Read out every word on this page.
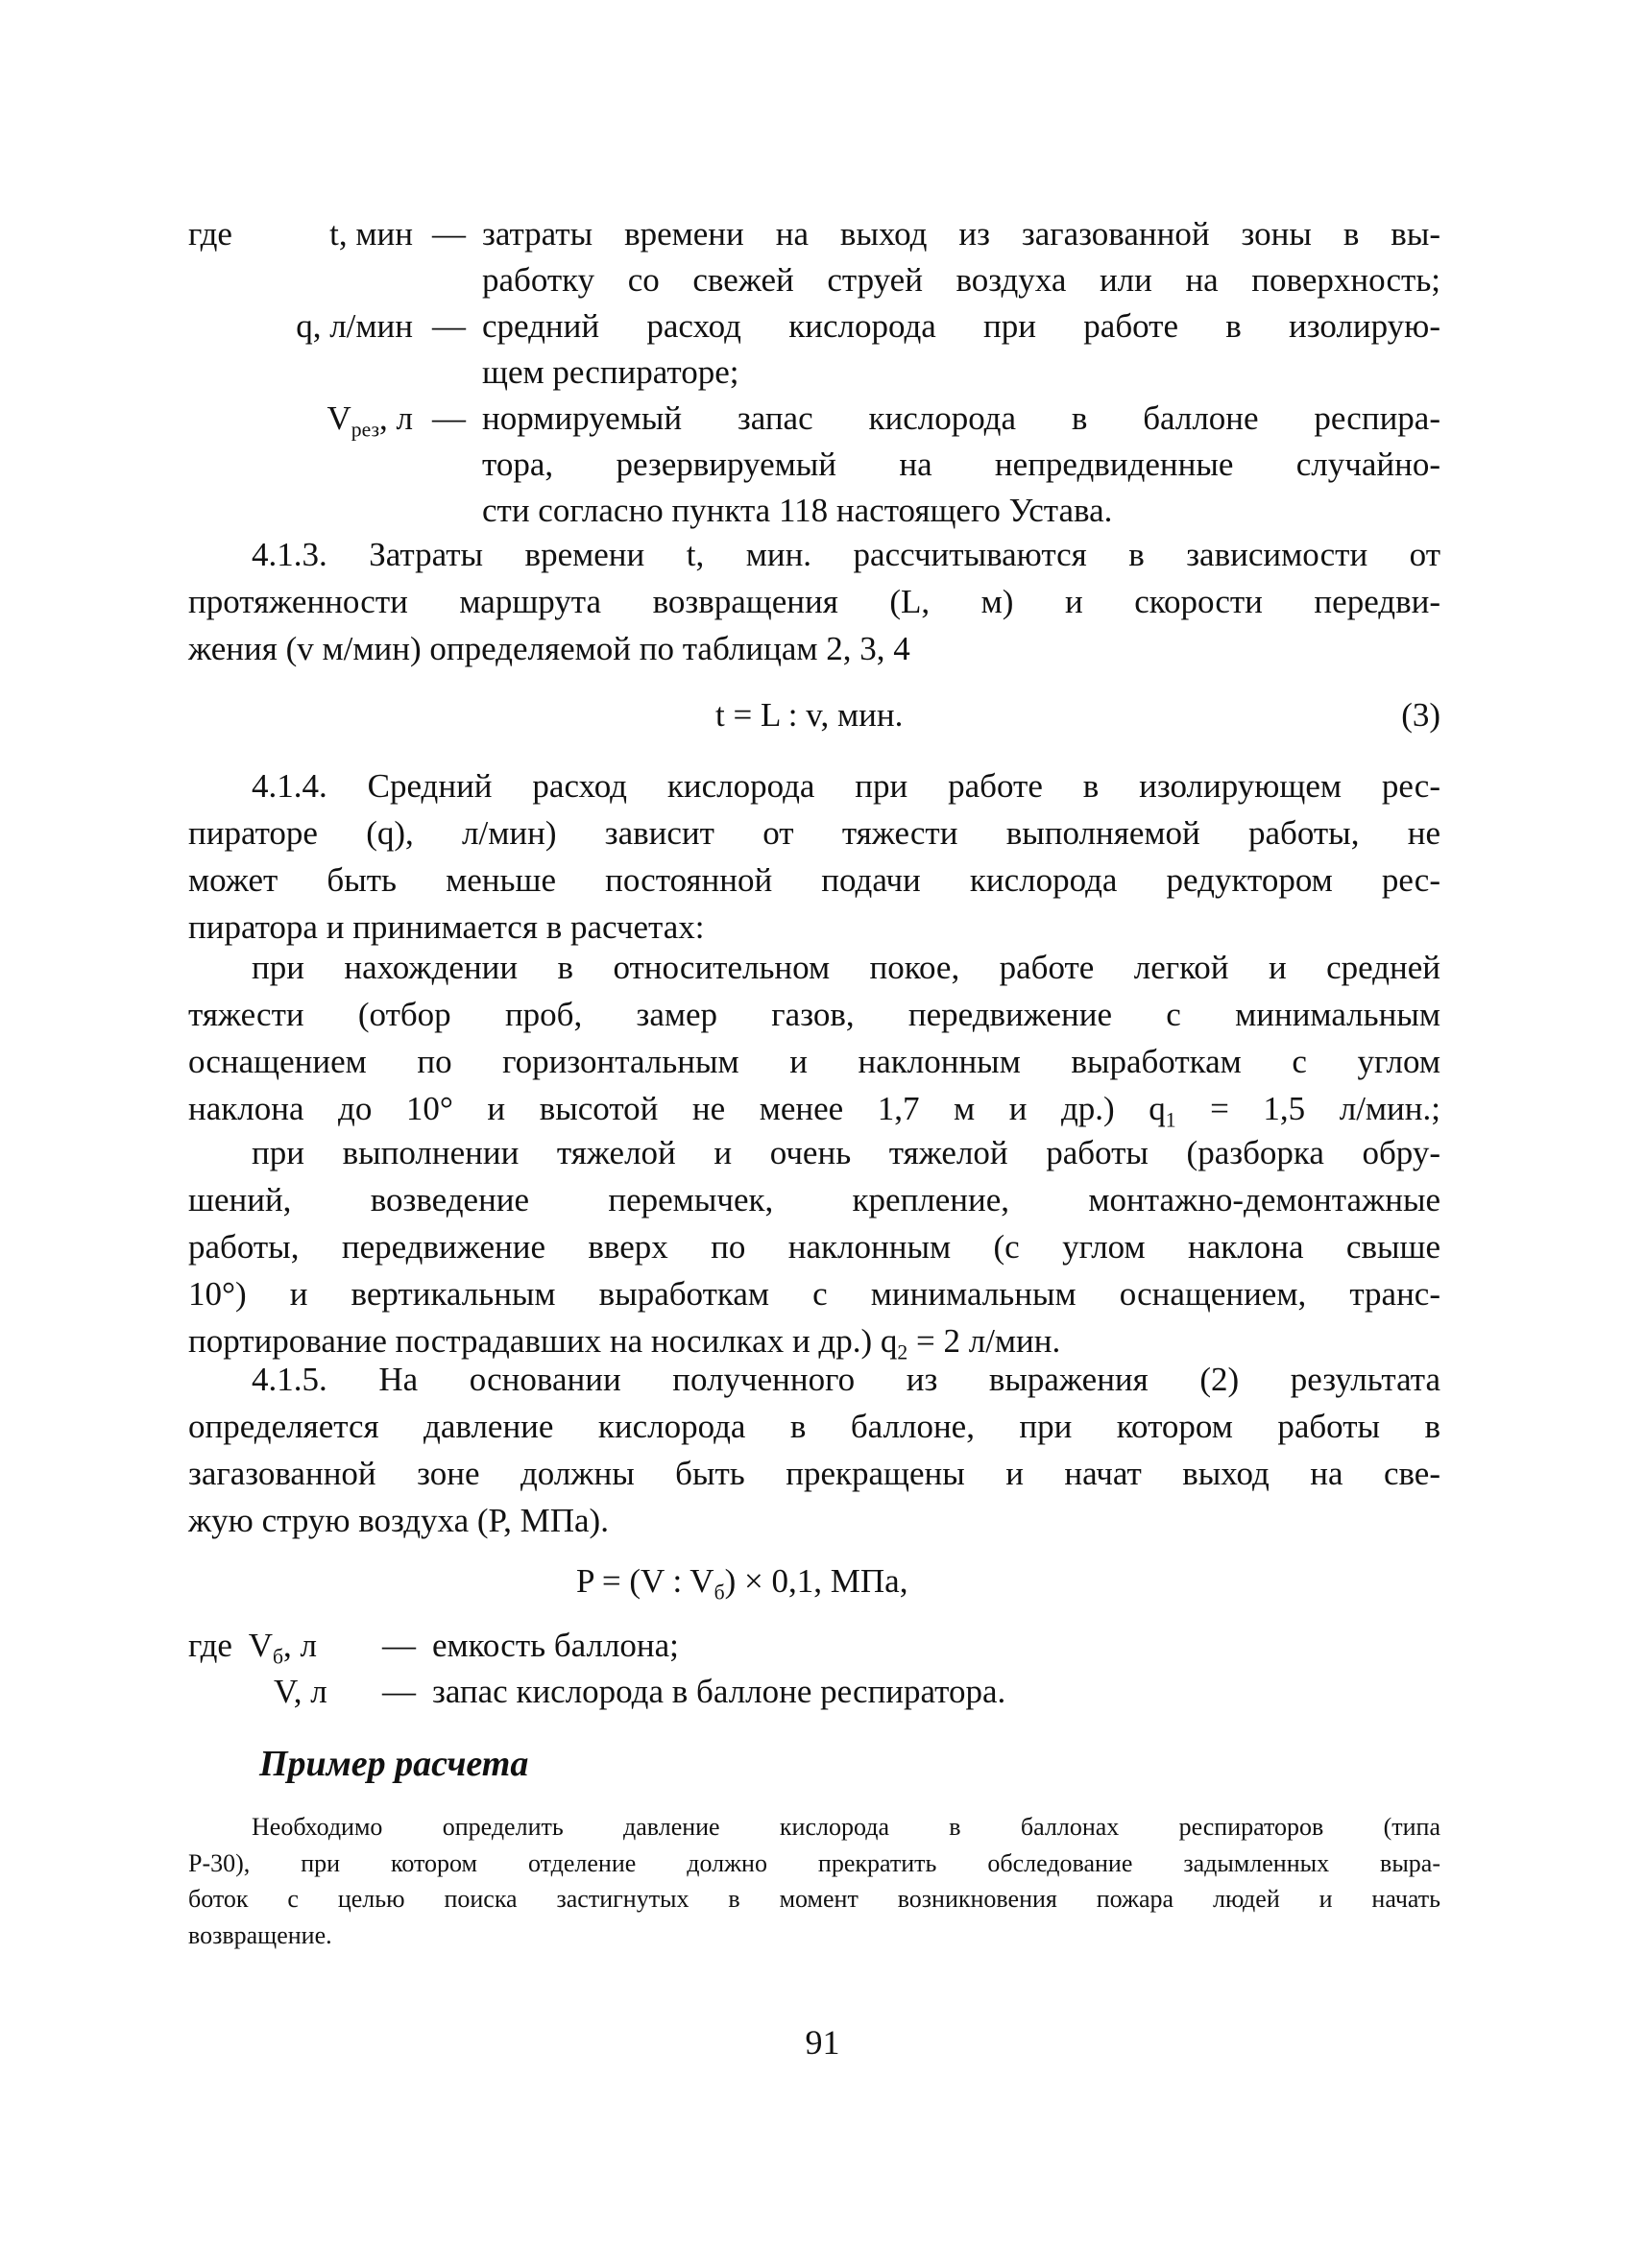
где	t, мин — затраты времени на выход из загазованной зоны в вы-
работку со свежей струей воздуха или на поверхность;
q, л/мин — средний расход кислорода при работе в изолирую-
щем респираторе;
$V_{рез}$, л — нормируемый запас кислорода в баллоне респира-
тора, резервируемый на непредвиденные случайно-
сти согласно пункта 118 настоящего Устава.
4.1.3. Затраты времени t, мин. рассчитываются в зависимости от
протяженности маршрута возвращения (L, м) и скорости передви-
жения (v м/мин) определяемой по таблицам 2, 3, 4
t = L : v, мин.	(3)
4.1.4. Средний расход кислорода при работе в изолирующем рес-
пираторе (q), л/мин) зависит от тяжести выполняемой работы, не
может быть меньше постоянной подачи кислорода редуктором рес-
пиратора и принимается в расчетах:
при нахождении в относительном покое, работе легкой и средней
тяжести (отбор проб, замер газов, передвижение с минимальным
оснащением по горизонтальным и наклонным выработкам с углом
наклона до 10° и высотой не менее 1,7 м и др.) $q_1 = 1,5$ л/мин.;
при выполнении тяжелой и очень тяжелой работы (разборка обру-
шений, возведение перемычек, крепление, монтажно-демонтажные
работы, передвижение вверх по наклонным (с углом наклона свыше
10°) и вертикальным выработкам с минимальным оснащением, транс-
портирование пострадавших на носилках и др.) $q_2 = 2$ л/мин.
4.1.5. На основании полученного из выражения (2) результата
определяется давление кислорода в баллоне, при котором работы в
загазованной зоне должны быть прекращены и начат выход на све-
жую струю воздуха (P, МПа).
P = (V : $V_б) \times 0,1$, МПа,
где $V_б$, л — емкость баллона;
V, л — запас кислорода в баллоне респиратора.
Пример расчета
Необходимо определить давление кислорода в баллонах респираторов (типа
Р-30), при котором отделение должно прекратить обследование задымленных выра-
боток с целью поиска застигнутых в момент возникновения пожара людей и начать
возвращение.
91
